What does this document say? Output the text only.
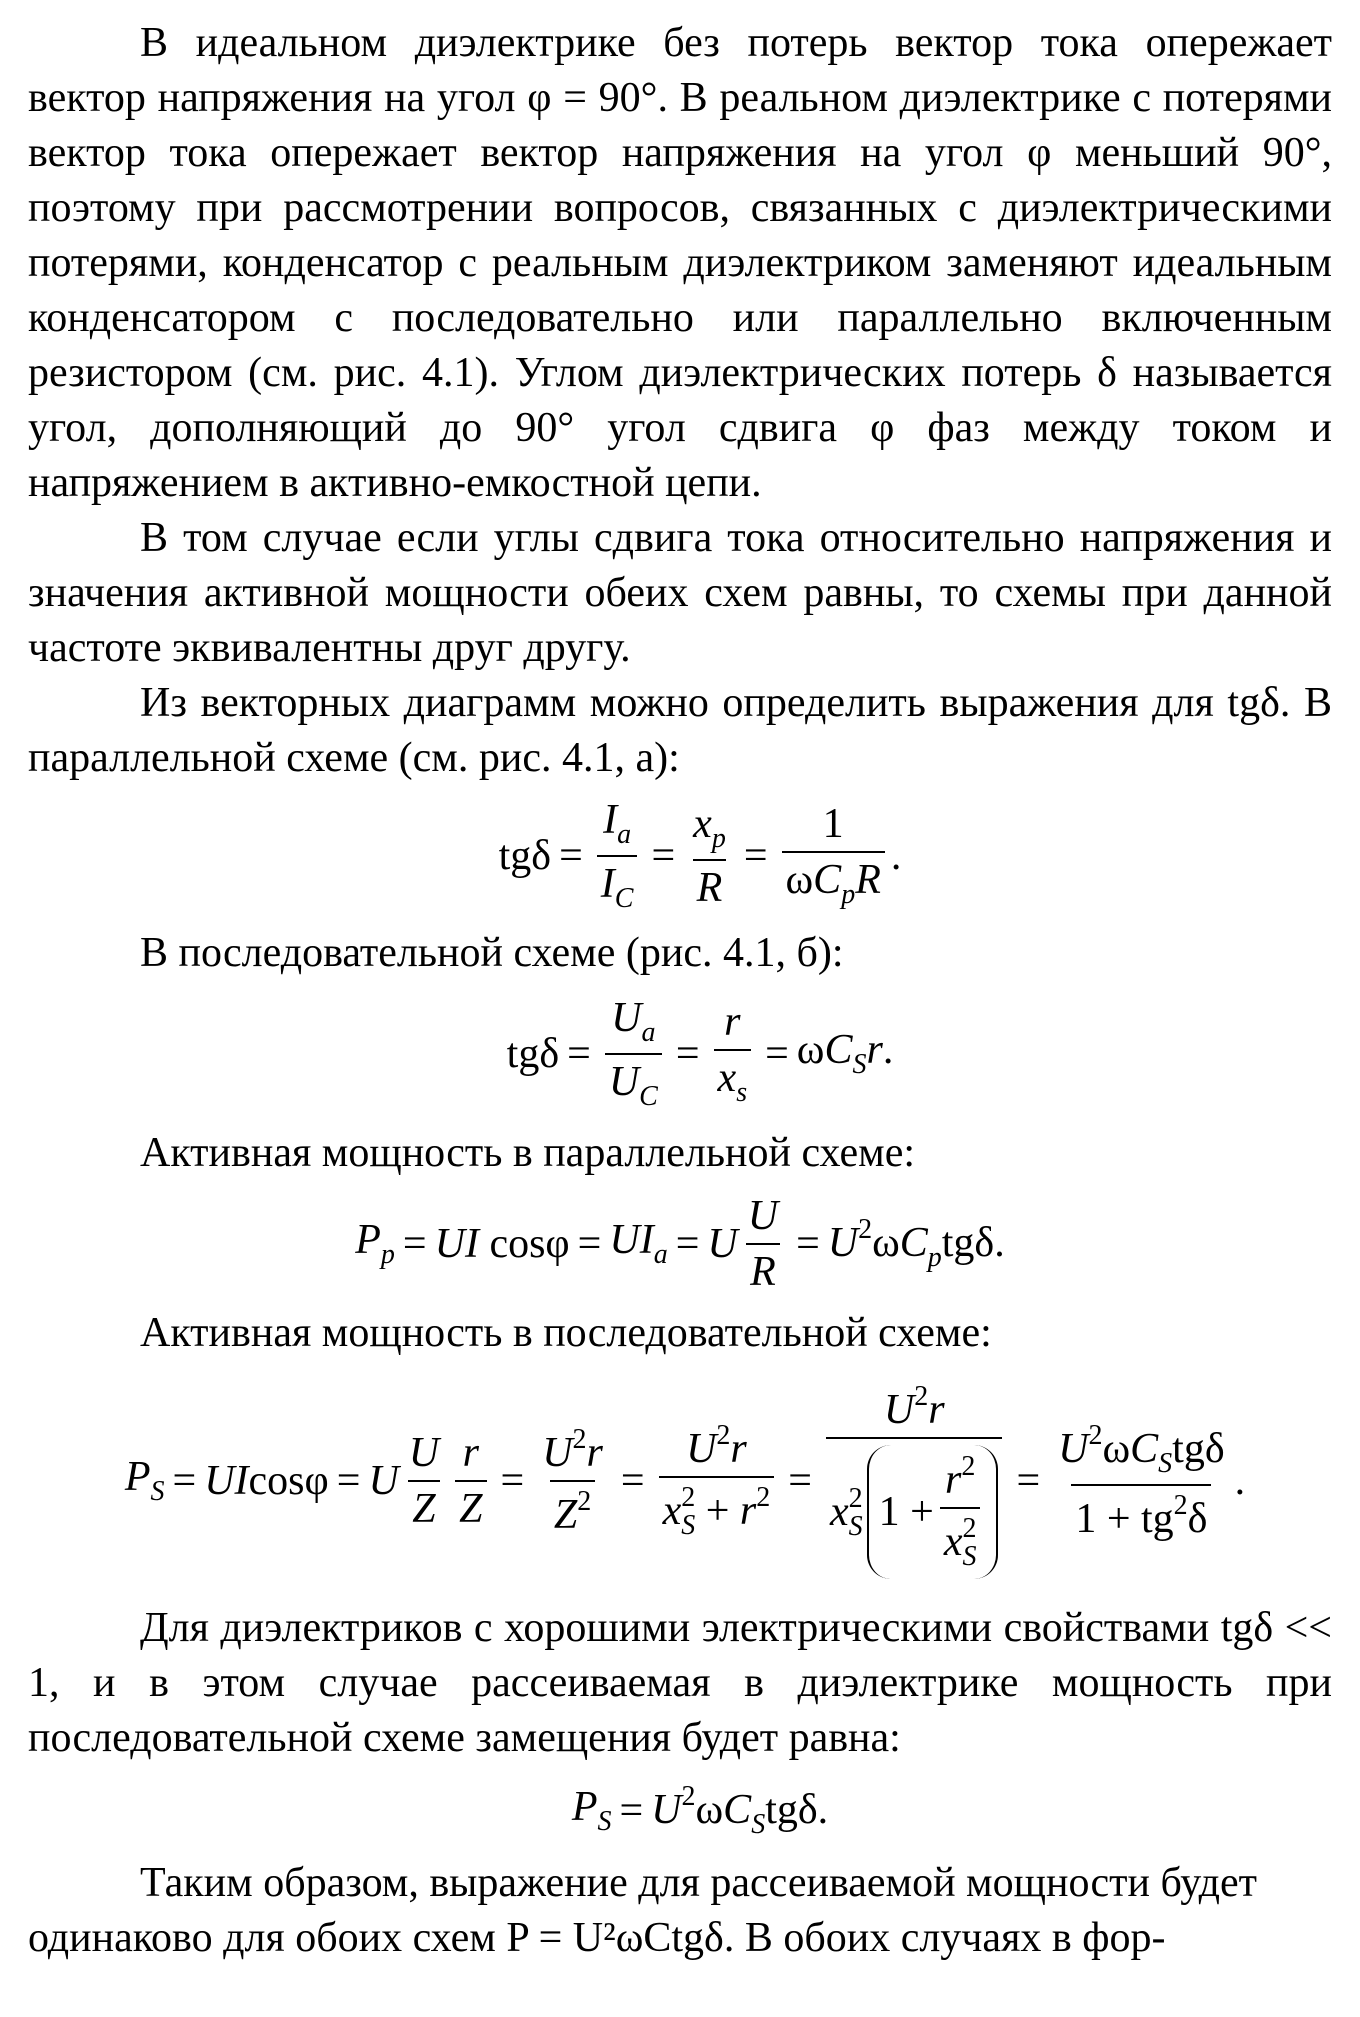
В идеальном диэлектрике без потерь вектор тока опережает вектор напряжения на угол φ = 90°. В реальном диэлектрике с потерями вектор тока опережает вектор напряжения на угол φ меньший 90°, поэтому при рассмотрении вопросов, связанных с диэлектрическими потерями, конденсатор с реальным диэлектриком заменяют идеальным конденсатором с последовательно или параллельно включенным резистором (см. рис. 4.1). Углом диэлектрических потерь δ называется угол, дополняющий до 90° угол сдвига φ фаз между током и напряжением в активно-емкостной цепи.

В том случае если углы сдвига тока относительно напряжения и значения активной мощности обеих схем равны, то схемы при данной частоте эквивалентны друг другу.

Из векторных диаграмм можно определить выражения для tgδ. В параллельной схеме (см. рис. 4.1, а):

$tg\delta = \frac{I_a}{I_C} = \frac{x_p}{R} = \frac{1}{\omega C_pR}$ .

В последовательной схеме (рис. 4.1, б):

$tg\delta = \frac{U_a}{U_C} = \frac{r}{x_s} = \omega C_Sr$.

Активная мощность в параллельной схеме:

$P_p$ = UI $\cos\varphi = UI_a = U \frac{U}{R} = U^2\omega C_ptg\delta$.

Активная мощность в последовательной схеме:

$P_S = UIcos\varphi = U \frac{U}{Z} \frac{r}{Z} = \frac{U^2r}{Z^2} = \frac{U^2r}{x_S^2 + r^2} = \frac{U^2r}{x_S^2 1 + \frac{r^2}{x_S^2}} = \frac{U^2\omega C_Stg\delta}{1 + tg^2\delta}$ .

Для диэлектриков с хорошими электрическими свойствами tgδ << 1, и в этом случае рассеиваемая в диэлектрике мощность при последовательной схеме замещения будет равна:

$P_S = U^2\omega C_Stg\delta$.

Таким образом, выражение для рассеиваемой мощности будет одинаково для обоих схем P = U²ωCtgδ. В обоих случаях в фор-
